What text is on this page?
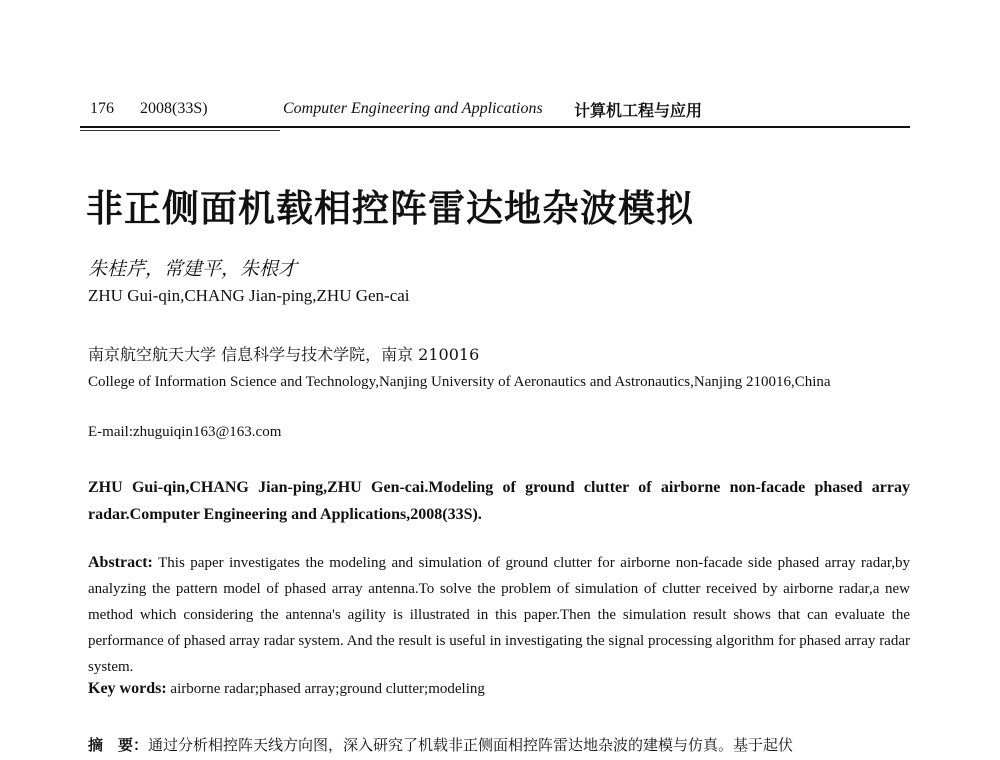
176 2008(33S)	Computer Engineering and Applications 计算机工程与应用
非正侧面机载相控阵雷达地杂波模拟
朱桂芹，常建平，朱根才
ZHU Gui-qin,CHANG Jian-ping,ZHU Gen-cai
南京航空航天大学 信息科学与技术学院，南京 210016
College of Information Science and Technology,Nanjing University of Aeronautics and Astronautics,Nanjing 210016,China
E-mail:zhuguiqin163@163.com
ZHU Gui-qin,CHANG Jian-ping,ZHU Gen-cai.Modeling of ground clutter of airborne non-facade phased array radar.Computer Engineering and Applications,2008(33S).
Abstract: This paper investigates the modeling and simulation of ground clutter for airborne non-facade side phased array radar,by analyzing the pattern model of phased array antenna.To solve the problem of simulation of clutter received by airborne radar,a new method which considering the antenna's agility is illustrated in this paper.Then the simulation result shows that can evaluate the performance of phased array radar system. And the result is useful in investigating the signal processing algorithm for phased array radar system.
Key words: airborne radar;phased array;ground clutter;modeling
摘　要：通过分析相控阵天线方向图，深入研究了机载非正侧面相控阵雷达地杂波的建模与仿真。基于起伏
